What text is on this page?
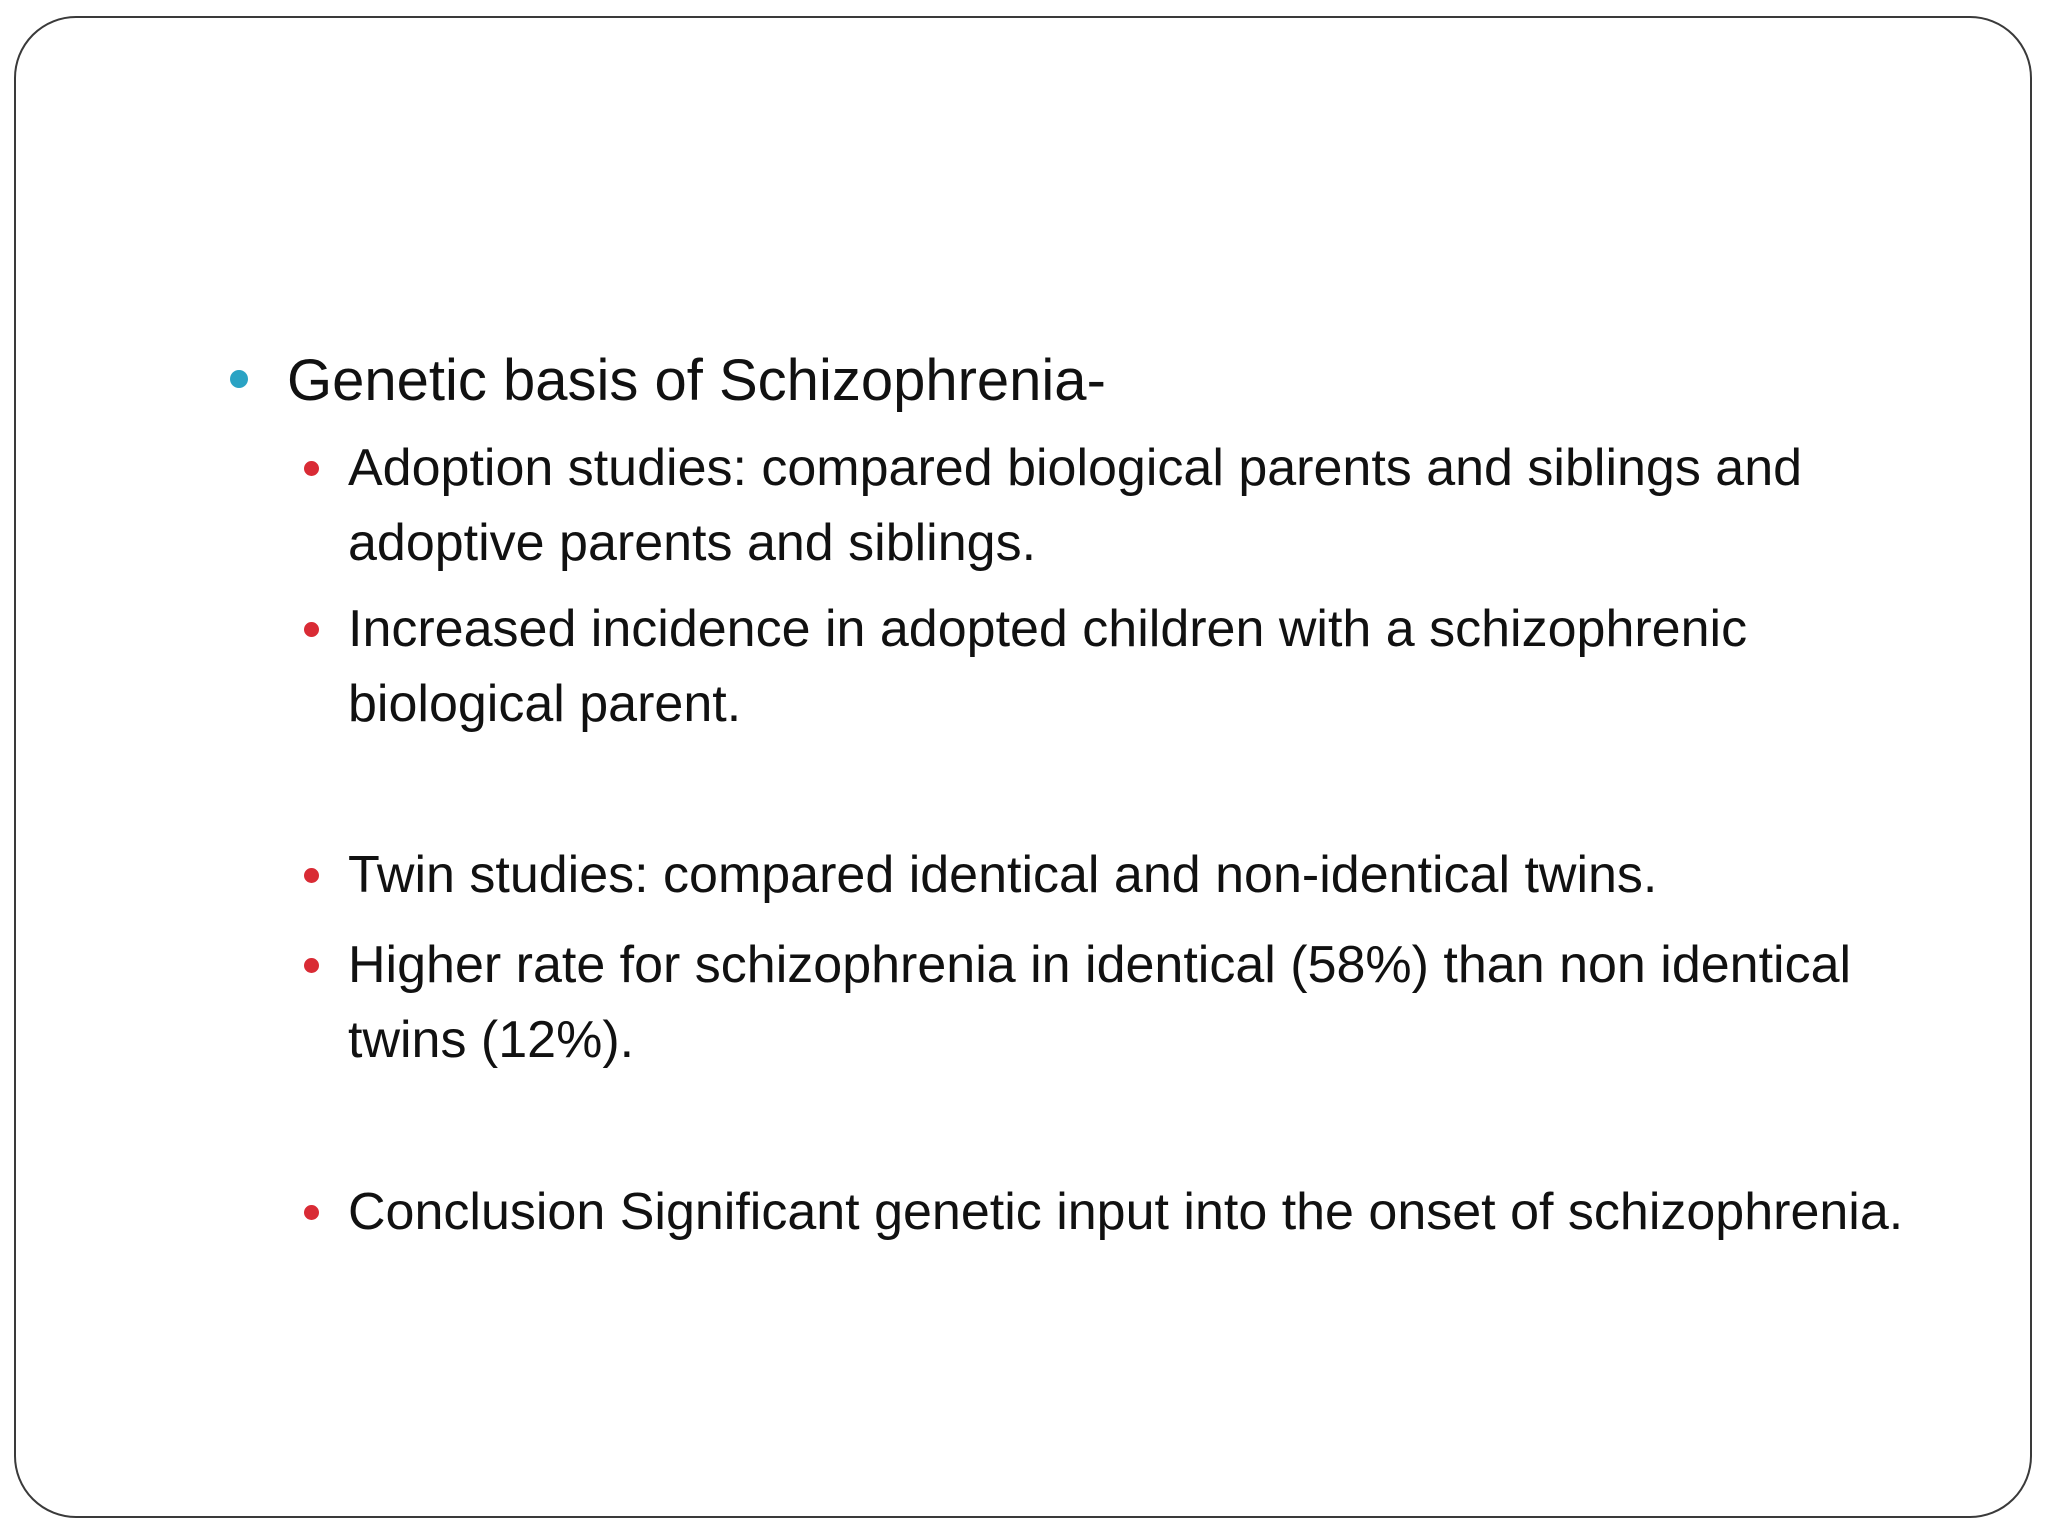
Genetic basis of Schizophrenia-
Adoption studies: compared biological parents and siblings and adoptive parents and siblings.
Increased incidence in adopted children with a schizophrenic biological parent.
Twin studies: compared identical and non-identical twins.
Higher rate for schizophrenia in identical (58%) than non identical twins (12%).
Conclusion Significant genetic input into the onset of schizophrenia.
